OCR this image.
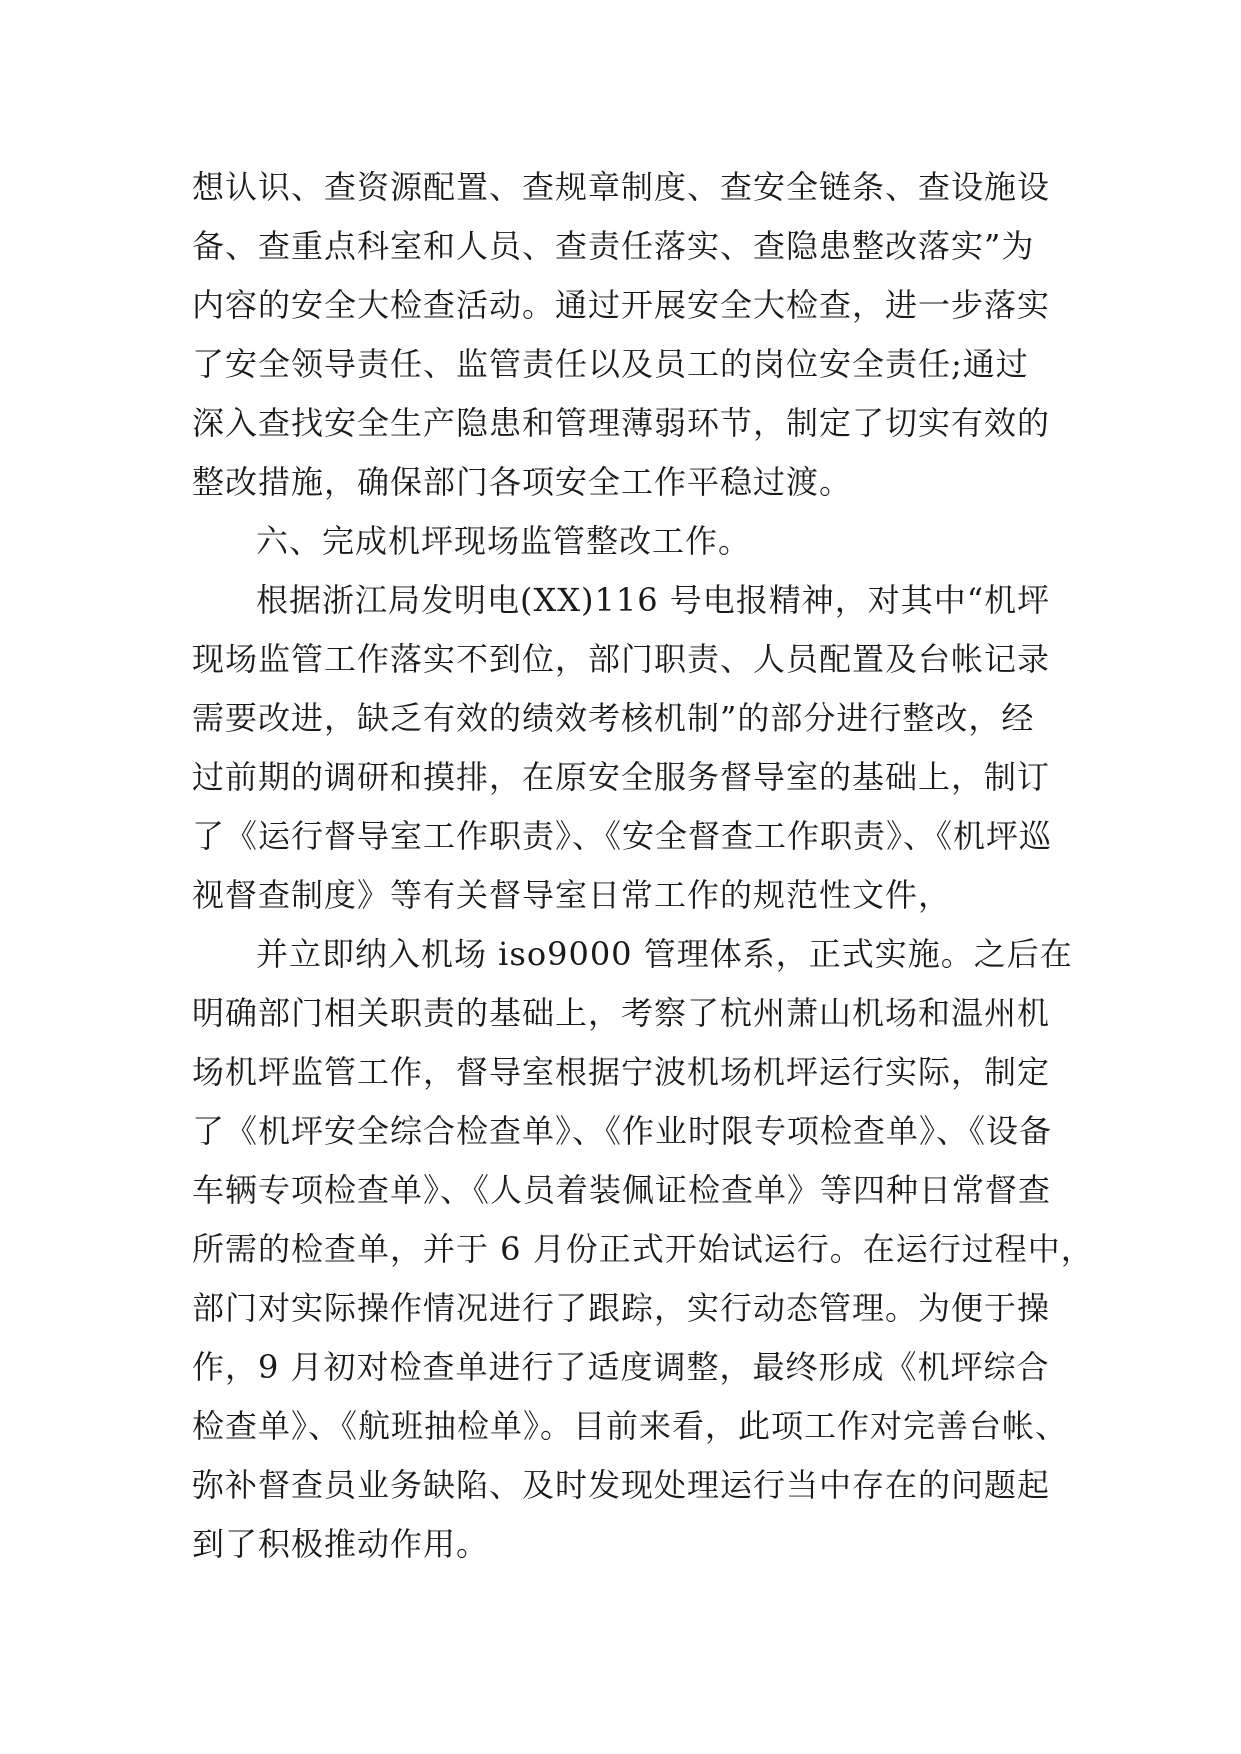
想认识、查资源配置、查规章制度、查安全链条、查设施设
备、查重点科室和人员、查责任落实、查隐患整改落实”为
内容的安全大检查活动。通过开展安全大检查，进一步落实
了安全领导责任、监管责任以及员工的岗位安全责任;通过
深入查找安全生产隐患和管理薄弱环节，制定了切实有效的
整改措施，确保部门各项安全工作平稳过渡。
六、完成机坪现场监管整改工作。
根据浙江局发明电(XX)116 号电报精神，对其中“机坪
现场监管工作落实不到位，部门职责、人员配置及台帐记录
需要改进，缺乏有效的绩效考核机制”的部分进行整改，经
过前期的调研和摸排，在原安全服务督导室的基础上，制订
了《运行督导室工作职责》、《安全督查工作职责》、《机坪巡
视督查制度》等有关督导室日常工作的规范性文件，
并立即纳入机场 iso9000 管理体系，正式实施。之后在
明确部门相关职责的基础上，考察了杭州萧山机场和温州机
场机坪监管工作，督导室根据宁波机场机坪运行实际，制定
了《机坪安全综合检查单》、《作业时限专项检查单》、《设备
车辆专项检查单》、《人员着装佩证检查单》等四种日常督查
所需的检查单，并于 6 月份正式开始试运行。在运行过程中，
部门对实际操作情况进行了跟踪，实行动态管理。为便于操
作，9 月初对检查单进行了适度调整，最终形成《机坪综合
检查单》、《航班抽检单》。目前来看，此项工作对完善台帐、
弥补督查员业务缺陷、及时发现处理运行当中存在的问题起
到了积极推动作用。
